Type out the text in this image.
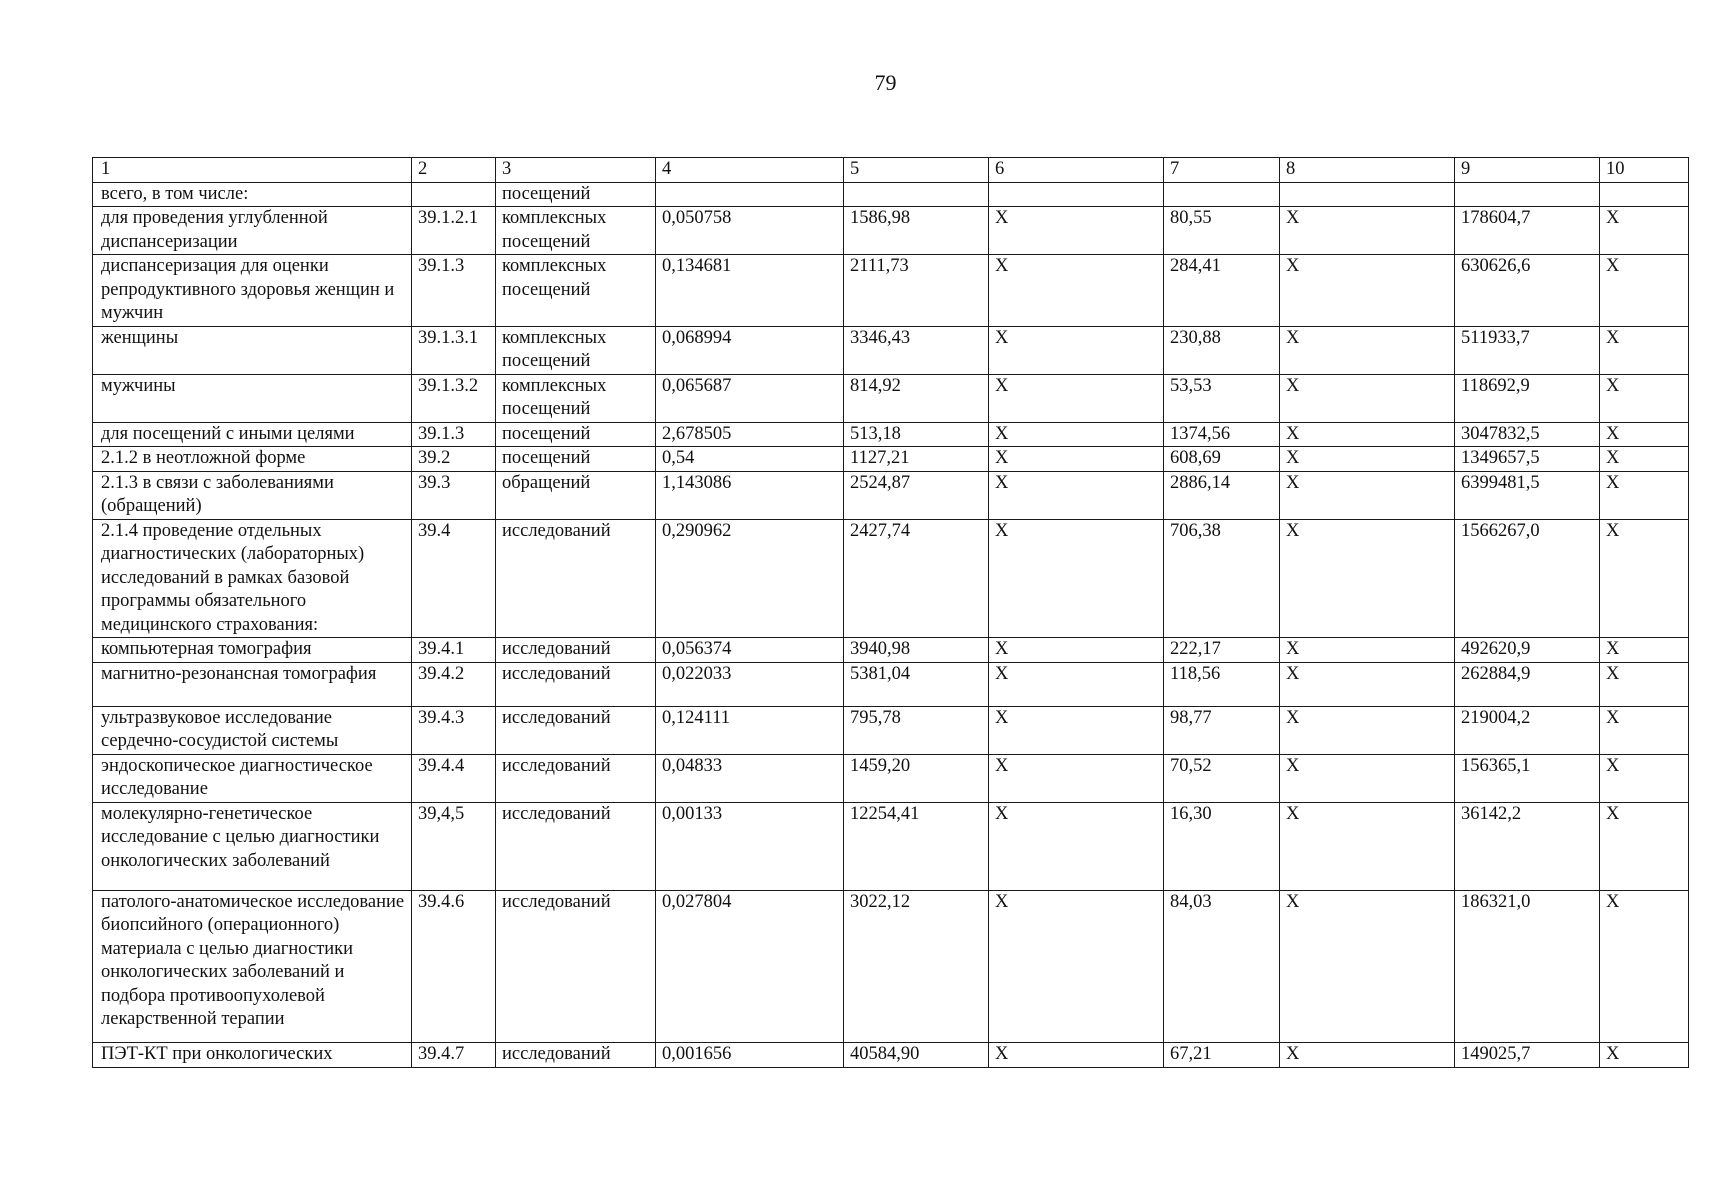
79
1	2	3	4	5	6	7	8	9	10
всего, в том числе:		посещений							
для проведения углубленной диспансеризации	39.1.2.1	комплексных посещений	0,050758	1586,98	Х	80,55	Х	178604,7	Х
диспансеризация для оценки репродуктивного здоровья женщин и мужчин	39.1.3	комплексных посещений	0,134681	2111,73	Х	284,41	Х	630626,6	Х
женщины	39.1.3.1	комплексных посещений	0,068994	3346,43	Х	230,88	Х	511933,7	Х
мужчины	39.1.3.2	комплексных посещений	0,065687	814,92	Х	53,53	Х	118692,9	Х
для посещений с иными целями	39.1.3	посещений	2,678505	513,18	Х	1374,56	Х	3047832,5	Х
2.1.2 в неотложной форме	39.2	посещений	0,54	1127,21	Х	608,69	Х	1349657,5	Х
2.1.3 в связи с заболеваниями (обращений)	39.3	обращений	1,143086	2524,87	Х	2886,14	Х	6399481,5	Х
2.1.4 проведение отдельных диагностических (лабораторных) исследований в рамках базовой программы обязательного медицинского страхования:	39.4	исследований	0,290962	2427,74	Х	706,38	Х	1566267,0	Х
компьютерная томография	39.4.1	исследований	0,056374	3940,98	Х	222,17	Х	492620,9	Х
магнитно-резонансная томография	39.4.2	исследований	0,022033	5381,04	Х	118,56	Х	262884,9	Х
ультразвуковое исследование сердечно-сосудистой системы	39.4.3	исследований	0,124111	795,78	Х	98,77	Х	219004,2	Х
эндоскопическое диагностическое исследование	39.4.4	исследований	0,04833	1459,20	Х	70,52	Х	156365,1	Х
молекулярно-генетическое исследование с целью диагностики онкологических заболеваний	39,4,5	исследований	0,00133	12254,41	Х	16,30	Х	36142,2	Х
патолого-анатомическое исследование биопсийного (операционного) материала с целью диагностики онкологических заболеваний и подбора противоопухолевой лекарственной терапии	39.4.6	исследований	0,027804	3022,12	Х	84,03	Х	186321,0	Х
ПЭТ-КТ при онкологических	39.4.7	исследований	0,001656	40584,90	Х	67,21	Х	149025,7	Х
